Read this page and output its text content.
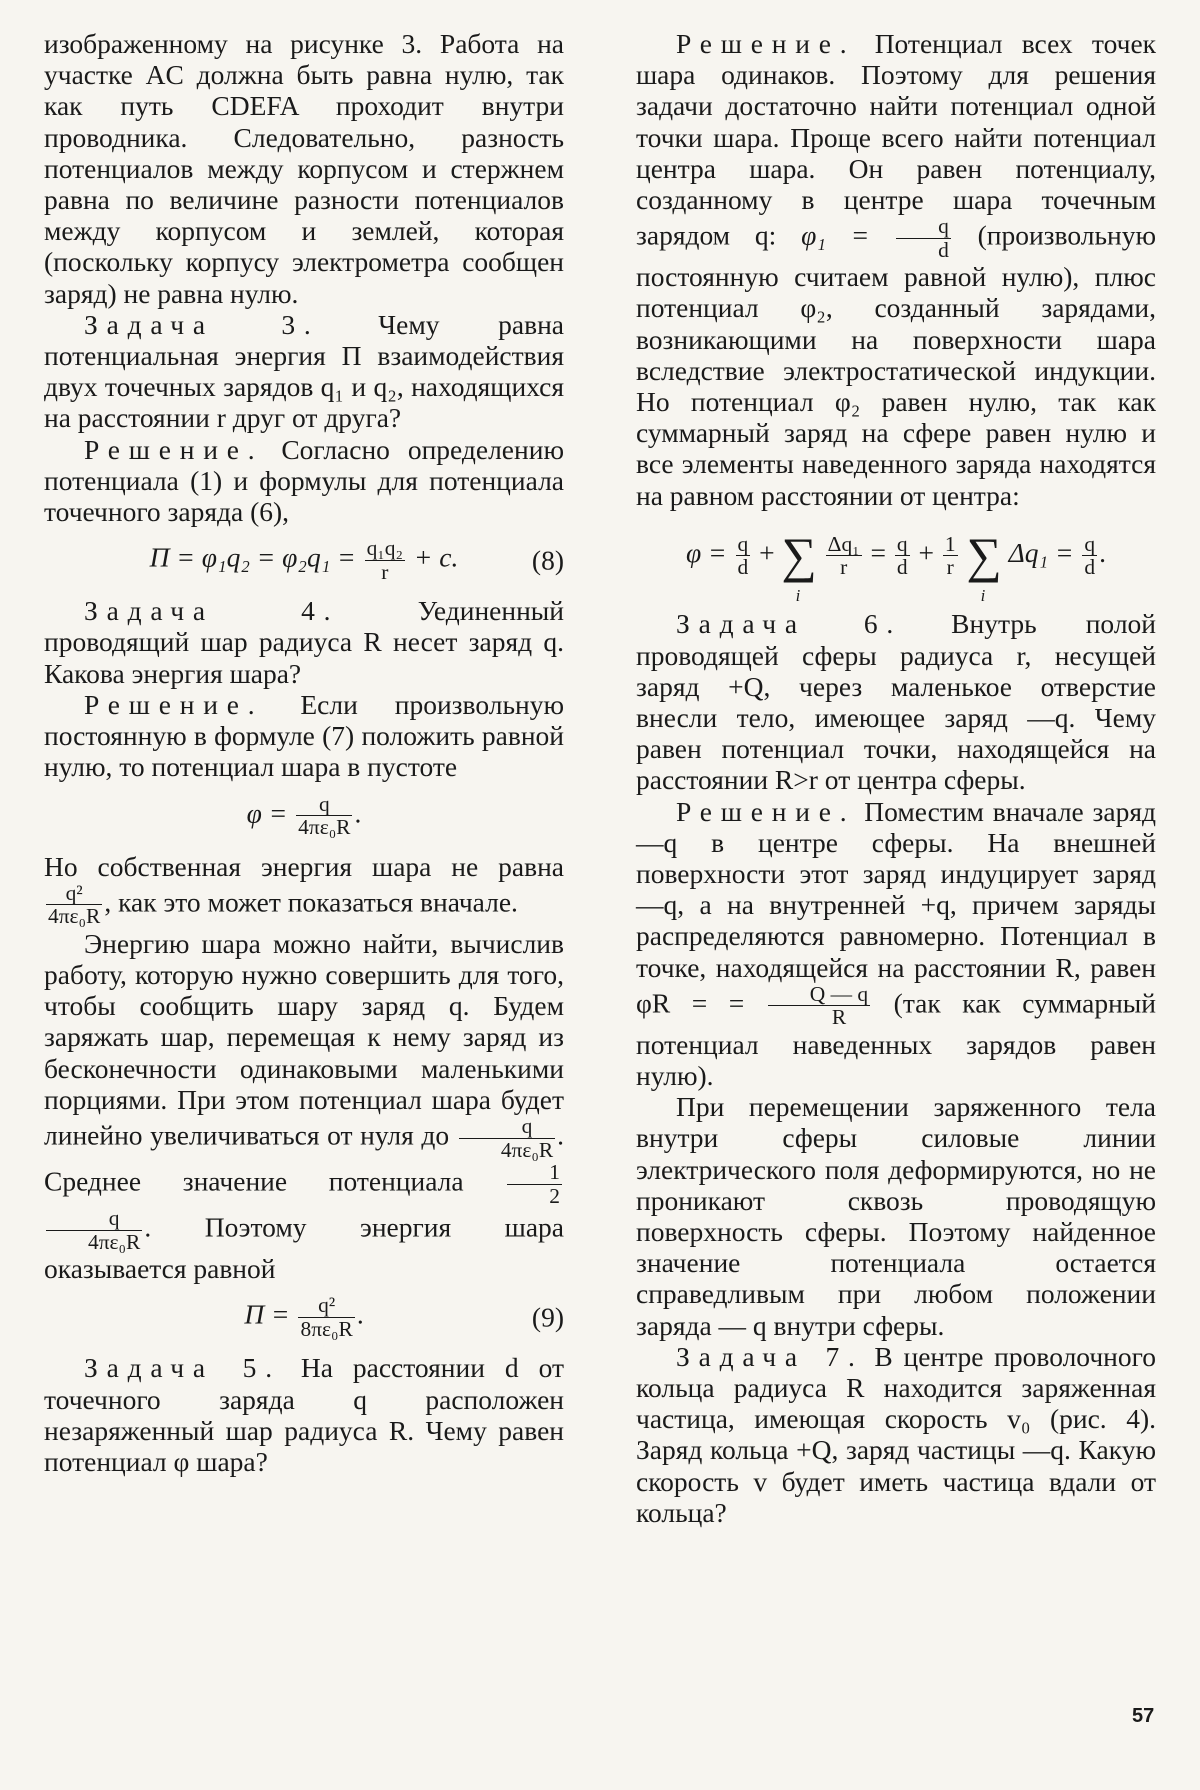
изображенному на рисунке 3. Работа на участке AC должна быть равна нулю, так как путь CDEFA проходит внутри проводника. Следовательно, разность потенциалов между корпусом и стержнем равна по величине разности потенциалов между корпусом и землей, которая (поскольку корпусу электрометра сообщен заряд) не равна нулю.

Задача 3. Чему равна потенциальная энергия П взаимодействия двух точечных зарядов q₁ и q₂, находящихся на расстоянии r друг от друга?

Решение. Согласно определению потенциала (1) и формулы для потенциала точечного заряда (6),

$П = \varphi_1q_2 = \varphi_2q_1 = \frac{\text{q₁q₂}}{r} + c$.	(8)

Задача 4.	Уединенный проводящий шар радиуса R несет заряд q. Какова энергия шара?

Решение. Если произвольную постоянную в формуле (7) положить равной нулю, то потенциал шара в пустоте

$\varphi = \frac{q}{\text{4πε₀R}}$ .

Но собственная энергия шара не равна
$\frac{\text{q²}}{\text{4πε₀R}}$ , как это может показаться вначале.

Энергию шара можно найти, вычислив работу, которую нужно совершить для того, чтобы сообщить шару заряд q. Будем заряжать шар, перемещая к нему заряд из бесконечности одинаковыми маленькими порциями. При этом потенциал шара будет линейно увеличиваться от нуля до $\frac{q}{\text{4πε₀R}}$ . Среднее значение потенциала $\frac{1}{2}$

$\frac{q}{\text{4πε₀R}}$ . Поэтому энергия шара оказывается равной

$П = \frac{\text{q²}}{\text{8πε₀R}}$ .	(9)

Задача 5. На расстоянии d от точечного заряда q расположен незаряженный шар радиуса R. Чему равен потенциал φ шара?

Решение. Потенциал всех точек шара одинаков. Поэтому для решения задачи достаточно найти потенциал одной точки шара. Проще всего найти потенциал центра шара. Он равен потенциалу, созданному в центре шара точечным зарядом q: $\varphi_1 = \frac{q}{d}$ (произвольную постоянную считаем равной нулю), плюс потенциал φ₂, созданный зарядами, возникающими на поверхности шара вследствие электростатической индукции. Но потенциал φ₂ равен нулю, так как суммарный заряд на сфере равен нулю и все элементы наведенного заряда находятся на равном расстоянии от центра:

$\varphi = \frac{q}{d}$ + ∑
i

$\frac{\text{Δq₁}}{r} = \frac{q}{d} + \frac{1}{r}$ ∑
i
$\Delta q_1 = \frac{q}{d}$ .

Задача 6. Внутрь полой проводящей сферы радиуса r, несущей заряд +Q, через маленькое отверстие внесли тело, имеющее заряд —q. Чему равен потенциал точки, находящейся на расстоянии R>r от центра сферы.

Решение. Поместим вначале заряд —q в центре сферы. На внешней поверхности этот заряд индуцирует заряд —q, а на внутренней +q, причем заряды распределяются равномерно. Потенциал в точке, находящейся на расстоянии R, равен φR = = $\frac{Q — q}{R} (так$ как суммарный потенциал наведенных зарядов равен нулю).

При перемещении заряженного тела внутри сферы силовые линии электрического поля деформируются, но не проникают сквозь проводящую поверхность сферы. Поэтому найденное значение потенциала остается справедливым при любом положении заряда — q внутри сферы.

Задача 7. В центре проволочного кольца радиуса R находится заряженная частица, имеющая скорость v₀ (рис. 4). Заряд кольца +Q, заряд частицы —q. Какую скорость v будет иметь частица вдали от кольца?

57
